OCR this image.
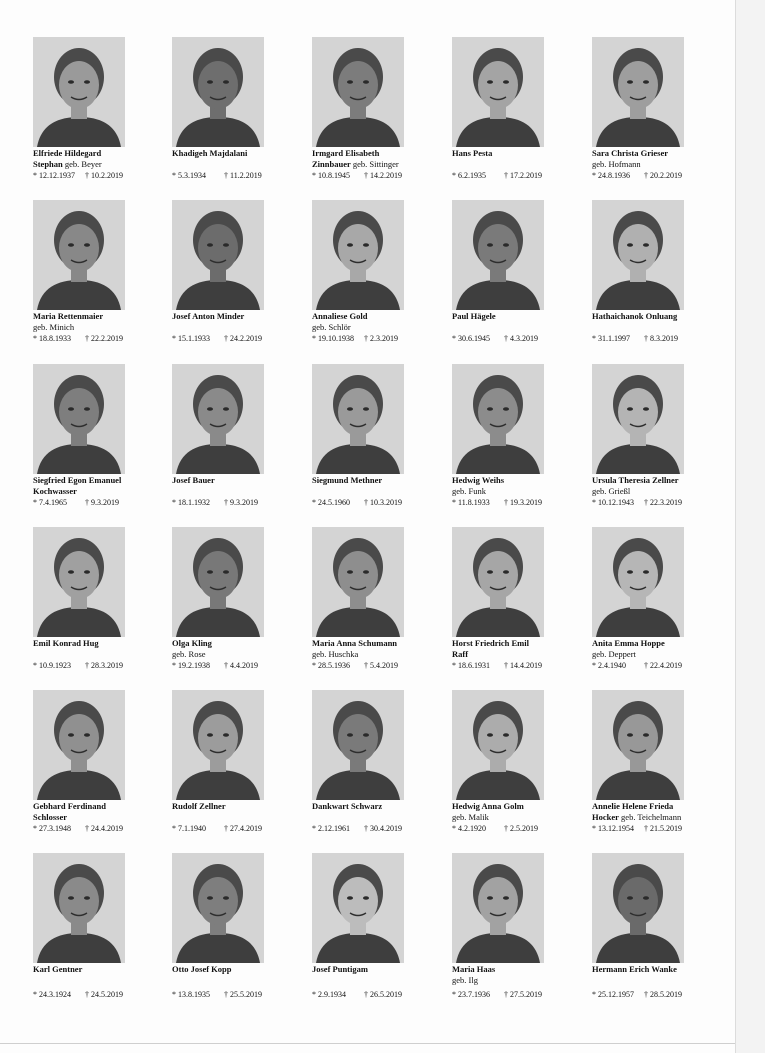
Elfriede Hildegard
Stephan geb. Beyer
* 12.12.1937 † 10.2.2019
Khadigeh Majdalani
* 5.3.1934 † 11.2.2019
Irmgard Elisabeth
Zinnbauer geb. Sittinger
* 10.8.1945 † 14.2.2019
Hans Pesta
* 6.2.1935 † 17.2.2019
Sara Christa Grieser
geb. Hofmann
* 24.8.1936 † 20.2.2019
Maria Rettenmaier
geb. Minich
* 18.8.1933 † 22.2.2019
Josef Anton Minder
* 15.1.1933 † 24.2.2019
Annaliese Gold
geb. Schlör
* 19.10.1938 † 2.3.2019
Paul Hägele
* 30.6.1945 † 4.3.2019
Hathaichanok Onluang
* 31.1.1997 † 8.3.2019
Siegfried Egon Emanuel
Kochwasser
* 7.4.1965 † 9.3.2019
Josef Bauer
* 18.1.1932 † 9.3.2019
Siegmund Methner
* 24.5.1960 † 10.3.2019
Hedwig Weihs
geb. Funk
* 11.8.1933 † 19.3.2019
Ursula Theresia Zellner
geb. Grießl
* 10.12.1943 † 22.3.2019
Emil Konrad Hug
* 10.9.1923 † 28.3.2019
Olga Kling
geb. Rose
* 19.2.1938 † 4.4.2019
Maria Anna Schumann
geb. Huschka
* 28.5.1936 † 5.4.2019
Horst Friedrich Emil
Raff
* 18.6.1931 † 14.4.2019
Anita Emma Hoppe
geb. Deppert
* 2.4.1940 † 22.4.2019
Gebhard Ferdinand
Schlosser
* 27.3.1948 † 24.4.2019
Rudolf Zellner
* 7.1.1940 † 27.4.2019
Dankwart Schwarz
* 2.12.1961 † 30.4.2019
Hedwig Anna Golm
geb. Malik
* 4.2.1920 † 2.5.2019
Annelie Helene Frieda
Hocker geb. Teichelmann
* 13.12.1954 † 21.5.2019
Karl Gentner
* 24.3.1924 † 24.5.2019
Otto Josef Kopp
* 13.8.1935 † 25.5.2019
Josef Puntigam
* 2.9.1934 † 26.5.2019
Maria Haas
geb. Ilg
* 23.7.1936 † 27.5.2019
Hermann Erich Wanke
* 25.12.1957 † 28.5.2019
